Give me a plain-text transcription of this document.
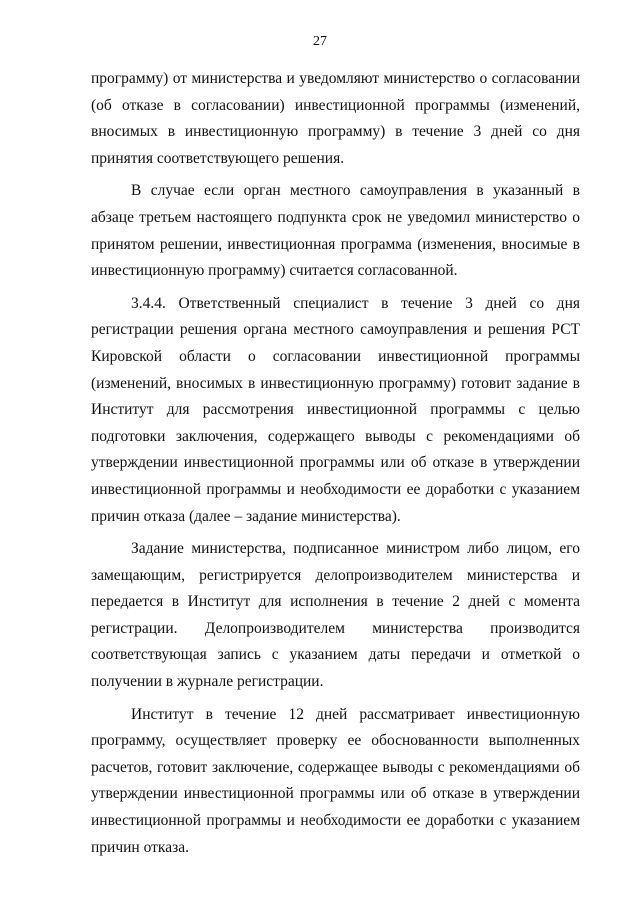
27

программу) от министерства и уведомляют министерство о согласовании (об отказе в согласовании) инвестиционной программы (изменений, вносимых в инвестиционную программу) в течение 3 дней со дня принятия соответствующего решения.

В случае если орган местного самоуправления в указанный в абзаце третьем настоящего подпункта срок не уведомил министерство о принятом решении, инвестиционная программа (изменения, вносимые в инвестиционную программу) считается согласованной.

3.4.4. Ответственный специалист в течение 3 дней со дня регистрации решения органа местного самоуправления и решения РСТ Кировской области о согласовании инвестиционной программы (изменений, вносимых в инвестиционную программу) готовит задание в Институт для рассмотрения инвестиционной программы с целью подготовки заключения, содержащего выводы с рекомендациями об утверждении инвестиционной программы или об отказе в утверждении инвестиционной программы и необходимости ее доработки с указанием причин отказа (далее – задание министерства).

Задание министерства, подписанное министром либо лицом, его замещающим, регистрируется делопроизводителем министерства и передается в Институт для исполнения в течение 2 дней с момента регистрации. Делопроизводителем министерства производится соответствующая запись с указанием даты передачи и отметкой о получении в журнале регистрации.

Институт в течение 12 дней рассматривает инвестиционную программу, осуществляет проверку ее обоснованности выполненных расчетов, готовит заключение, содержащее выводы с рекомендациями об утверждении инвестиционной программы или об отказе в утверждении инвестиционной программы и необходимости ее доработки с указанием причин отказа.
